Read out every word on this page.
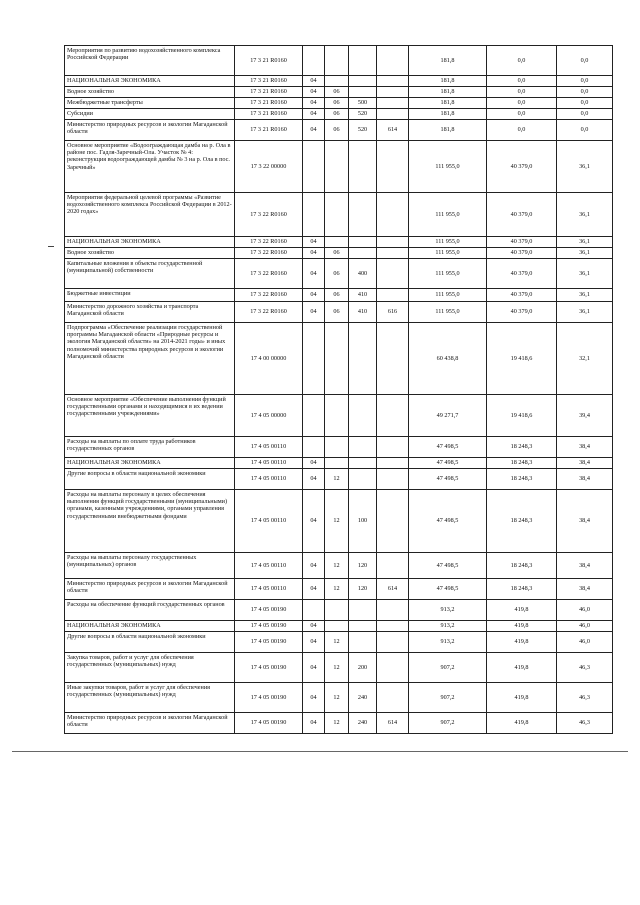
Мероприятия по развитию водохозяйственного комплекса Российской Федерации	17 3 21 R0160					181,8	0,0	0,0
НАЦИОНАЛЬНАЯ ЭКОНОМИКА	17 3 21 R0160	04				181,8	0,0	0,0
Водное хозяйство	17 3 21 R0160	04	06			181,8	0,0	0,0
Межбюджетные трансферты	17 3 21 R0160	04	06	500		181,8	0,0	0,0
Субсидии	17 3 21 R0160	04	06	520		181,8	0,0	0,0
Министерство природных ресурсов и экологии Магаданской области	17 3 21 R0160	04	06	520	614	181,8	0,0	0,0
Основное мероприятие «Водоограждающая дамба на р. Ола в районе пос. Гадля-Заречный-Ола. Участок № 4: реконструкция водоограждающей дамбы № 3 на р. Ола в пос. Заречный»	17 3 22 00000					111 955,0	40 379,0	36,1
Мероприятия федеральной целевой программы «Развитие водохозяйственного комплекса Российской Федерации в 2012-2020 годах»	17 3 22 R0160					111 955,0	40 379,0	36,1
НАЦИОНАЛЬНАЯ ЭКОНОМИКА	17 3 22 R0160	04				111 955,0	40 379,0	36,1
Водное хозяйство	17 3 22 R0160	04	06			111 955,0	40 379,0	36,1
Капитальные вложения в объекты государственной (муниципальной) собственности	17 3 22 R0160	04	06	400		111 955,0	40 379,0	36,1
Бюджетные инвестиции	17 3 22 R0160	04	06	410		111 955,0	40 379,0	36,1
Министерство дорожного хозяйства и транспорта Магаданской области	17 3 22 R0160	04	06	410	616	111 955,0	40 379,0	36,1
Подпрограмма «Обеспечение реализации государственной программы Магаданской области «Природные ресурсы и экология Магаданской области» на 2014-2021 годы» и иных полномочий министерства природных ресурсов и экологии Магаданской области	17 4 00 00000					60 438,8	19 418,6	32,1
Основное мероприятие «Обеспечение выполнения функций государственными органами и находящимися в их ведении государственными учреждениями»	17 4 05 00000					49 271,7	19 418,6	39,4
Расходы на выплаты по оплате труда работников государственных органов	17 4 05 00110					47 498,5	18 248,3	38,4
НАЦИОНАЛЬНАЯ ЭКОНОМИКА	17 4 05 00110	04				47 498,5	18 248,3	38,4
Другие вопросы в области национальной экономики	17 4 05 00110	04	12			47 498,5	18 248,3	38,4
Расходы на выплаты персоналу в целях обеспечения выполнения функций государственными (муниципальными) органами, казенными учреждениями, органами управления государственными внебюджетными фондами	17 4 05 00110	04	12	100		47 498,5	18 248,3	38,4
Расходы на выплаты персоналу государственных (муниципальных) органов	17 4 05 00110	04	12	120		47 498,5	18 248,3	38,4
Министерство природных ресурсов и экологии Магаданской области	17 4 05 00110	04	12	120	614	47 498,5	18 248,3	38,4
Расходы на обеспечение функций государственных органов	17 4 05 00190					913,2	419,8	46,0
НАЦИОНАЛЬНАЯ ЭКОНОМИКА	17 4 05 00190	04				913,2	419,8	46,0
Другие вопросы в области национальной экономики	17 4 05 00190	04	12			913,2	419,8	46,0
Закупка товаров, работ и услуг для обеспечения государственных (муниципальных) нужд	17 4 05 00190	04	12	200		907,2	419,8	46,3
Иные закупки товаров, работ и услуг для обеспечения государственных (муниципальных) нужд	17 4 05 00190	04	12	240		907,2	419,8	46,3
Министерство природных ресурсов и экологии Магаданской области	17 4 05 00190	04	12	240	614	907,2	419,8	46,3
